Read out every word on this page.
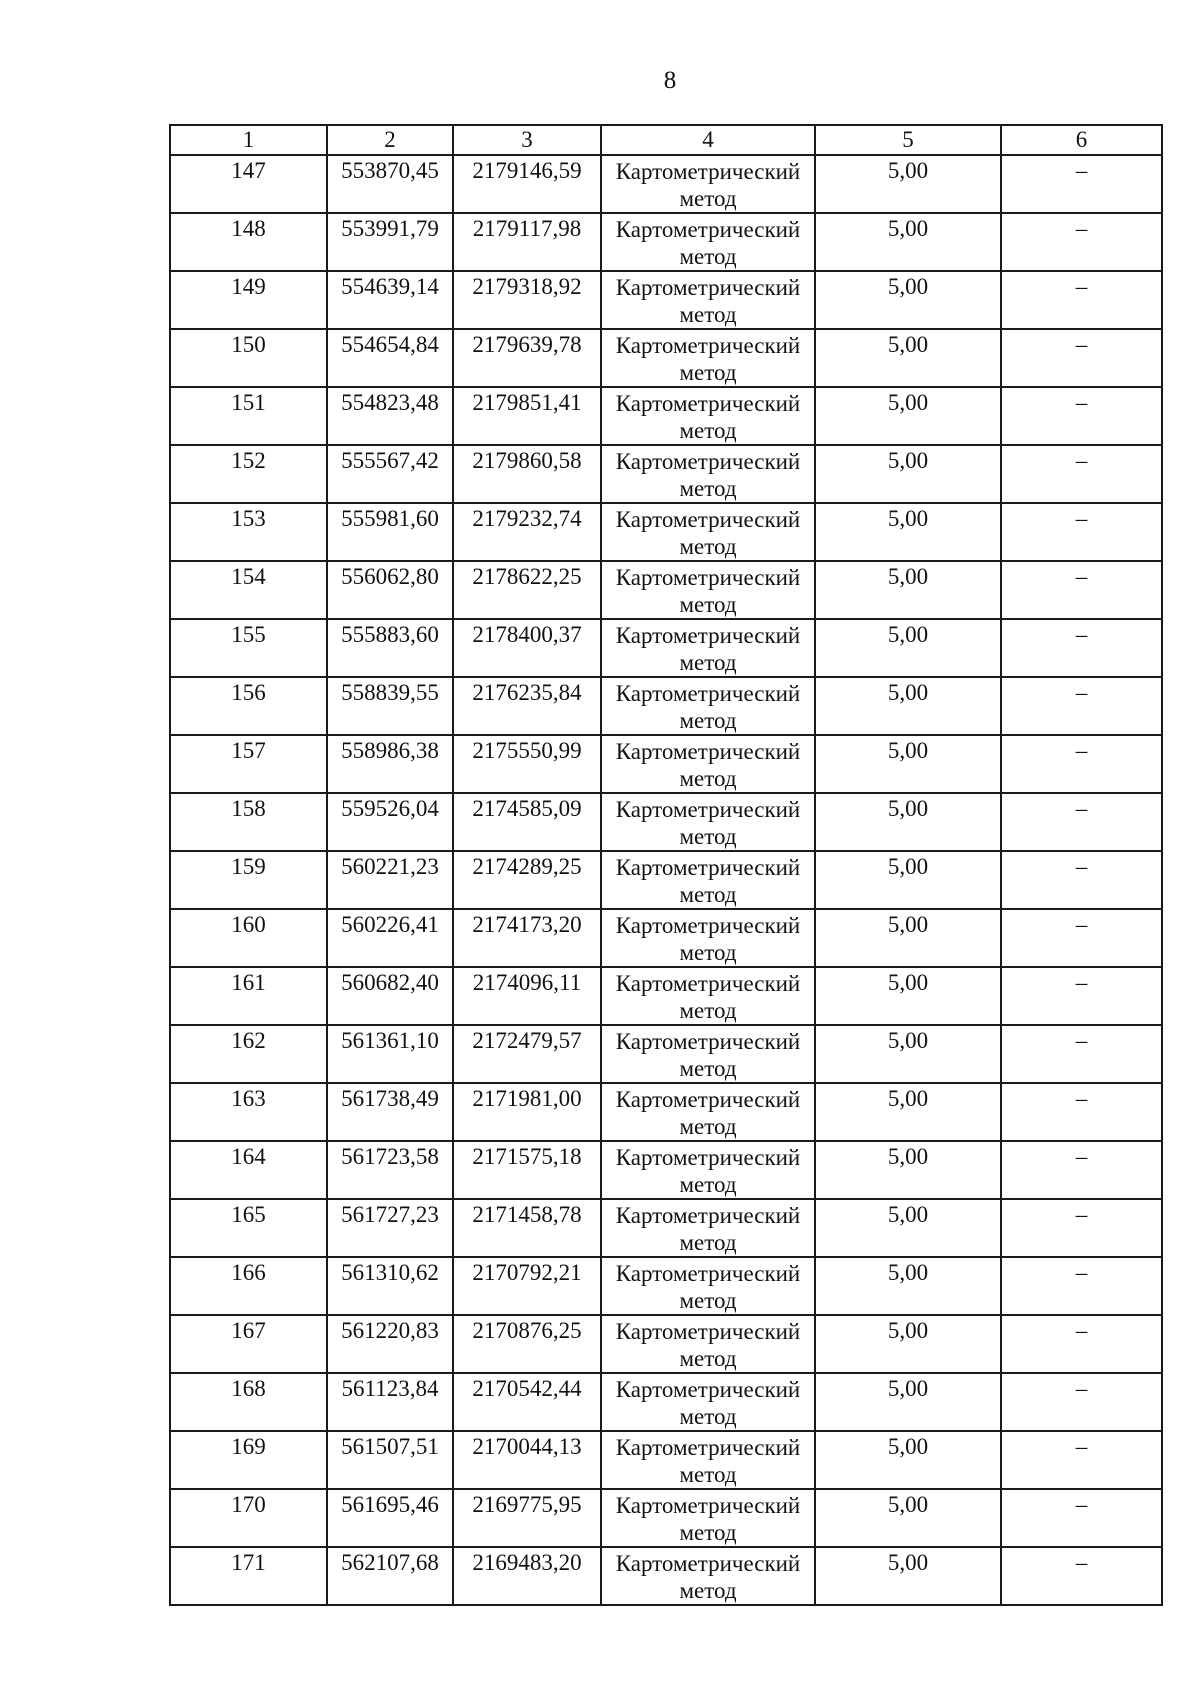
8
1	2	3	4	5	6
147	553870,45	2179146,59	Картометрический метод	5,00	–
148	553991,79	2179117,98	Картометрический метод	5,00	–
149	554639,14	2179318,92	Картометрический метод	5,00	–
150	554654,84	2179639,78	Картометрический метод	5,00	–
151	554823,48	2179851,41	Картометрический метод	5,00	–
152	555567,42	2179860,58	Картометрический метод	5,00	–
153	555981,60	2179232,74	Картометрический метод	5,00	–
154	556062,80	2178622,25	Картометрический метод	5,00	–
155	555883,60	2178400,37	Картометрический метод	5,00	–
156	558839,55	2176235,84	Картометрический метод	5,00	–
157	558986,38	2175550,99	Картометрический метод	5,00	–
158	559526,04	2174585,09	Картометрический метод	5,00	–
159	560221,23	2174289,25	Картометрический метод	5,00	–
160	560226,41	2174173,20	Картометрический метод	5,00	–
161	560682,40	2174096,11	Картометрический метод	5,00	–
162	561361,10	2172479,57	Картометрический метод	5,00	–
163	561738,49	2171981,00	Картометрический метод	5,00	–
164	561723,58	2171575,18	Картометрический метод	5,00	–
165	561727,23	2171458,78	Картометрический метод	5,00	–
166	561310,62	2170792,21	Картометрический метод	5,00	–
167	561220,83	2170876,25	Картометрический метод	5,00	–
168	561123,84	2170542,44	Картометрический метод	5,00	–
169	561507,51	2170044,13	Картометрический метод	5,00	–
170	561695,46	2169775,95	Картометрический метод	5,00	–
171	562107,68	2169483,20	Картометрический метод	5,00	–
